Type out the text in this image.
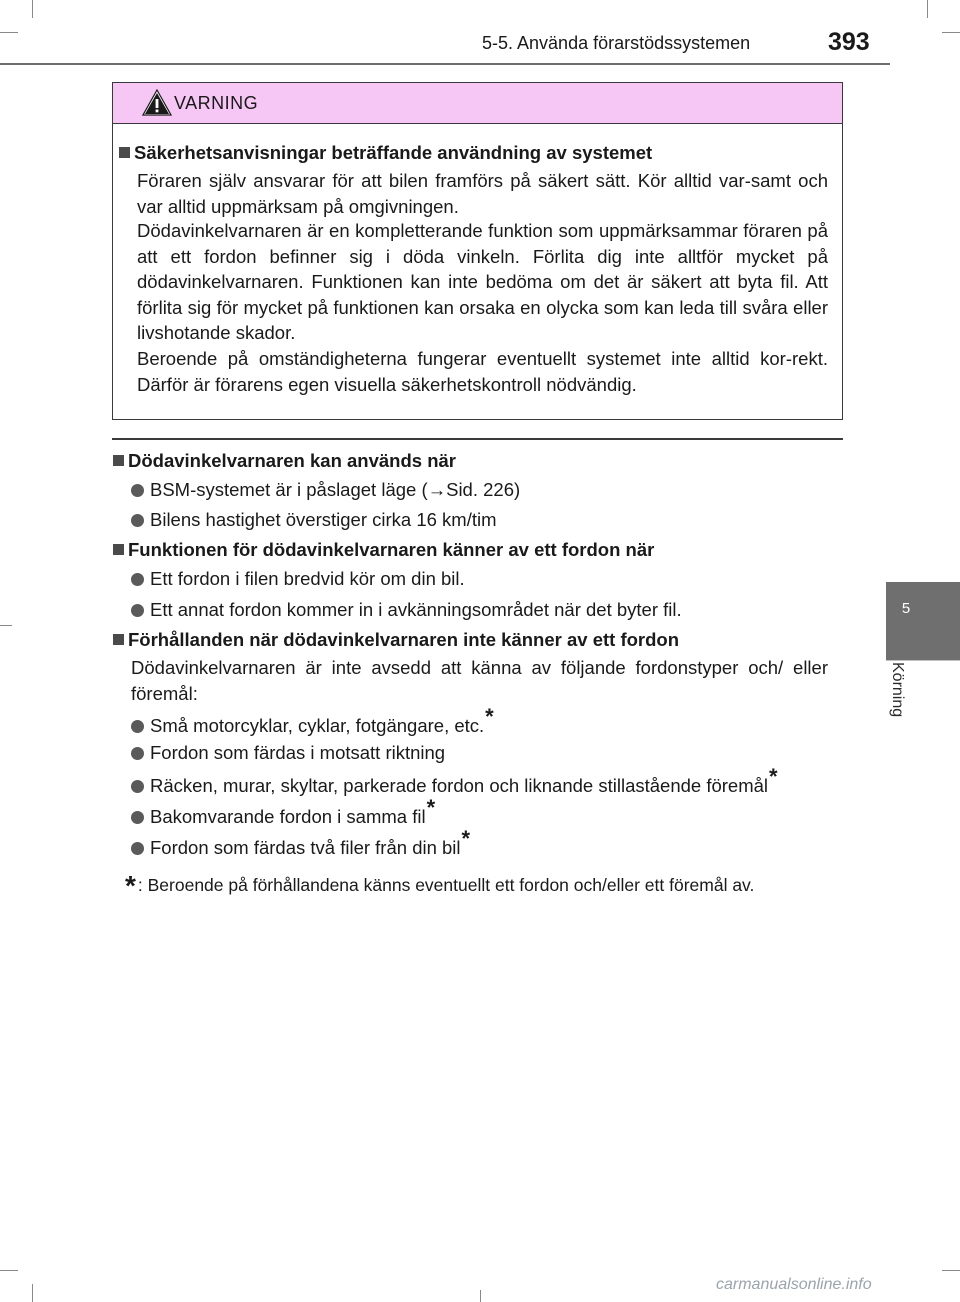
5-5. Använda förarstödssystemen	393
5
Körning
VARNING
Säkerhetsanvisningar beträffande användning av systemet
Föraren själv ansvarar för att bilen framförs på säkert sätt. Kör alltid var-samt och var alltid uppmärksam på omgivningen.
Dödavinkelvarnaren är en kompletterande funktion som uppmärksammar föraren på att ett fordon befinner sig i döda vinkeln. Förlita dig inte alltför mycket på dödavinkelvarnaren. Funktionen kan inte bedöma om det är säkert att byta fil. Att förlita sig för mycket på funktionen kan orsaka en olycka som kan leda till svåra eller livshotande skador.
Beroende på omständigheterna fungerar eventuellt systemet inte alltid kor-rekt. Därför är förarens egen visuella säkerhetskontroll nödvändig.
Dödavinkelvarnaren kan används när
BSM-systemet är i påslaget läge (→Sid. 226)
Bilens hastighet överstiger cirka 16 km/tim
Funktionen för dödavinkelvarnaren känner av ett fordon när
Ett fordon i filen bredvid kör om din bil.
Ett annat fordon kommer in i avkänningsområdet när det byter fil.
Förhållanden när dödavinkelvarnaren inte känner av ett fordon
Dödavinkelvarnaren är inte avsedd att känna av följande fordonstyper och/ eller föremål:
Små motorcyklar, cyklar, fotgängare, etc.*
Fordon som färdas i motsatt riktning
Räcken, murar, skyltar, parkerade fordon och liknande stillastående föremål*
Bakomvarande fordon i samma fil*
Fordon som färdas två filer från din bil*
* : Beroende på förhållandena känns eventuellt ett fordon och/eller ett föremål av.
carmanualsonline.info
